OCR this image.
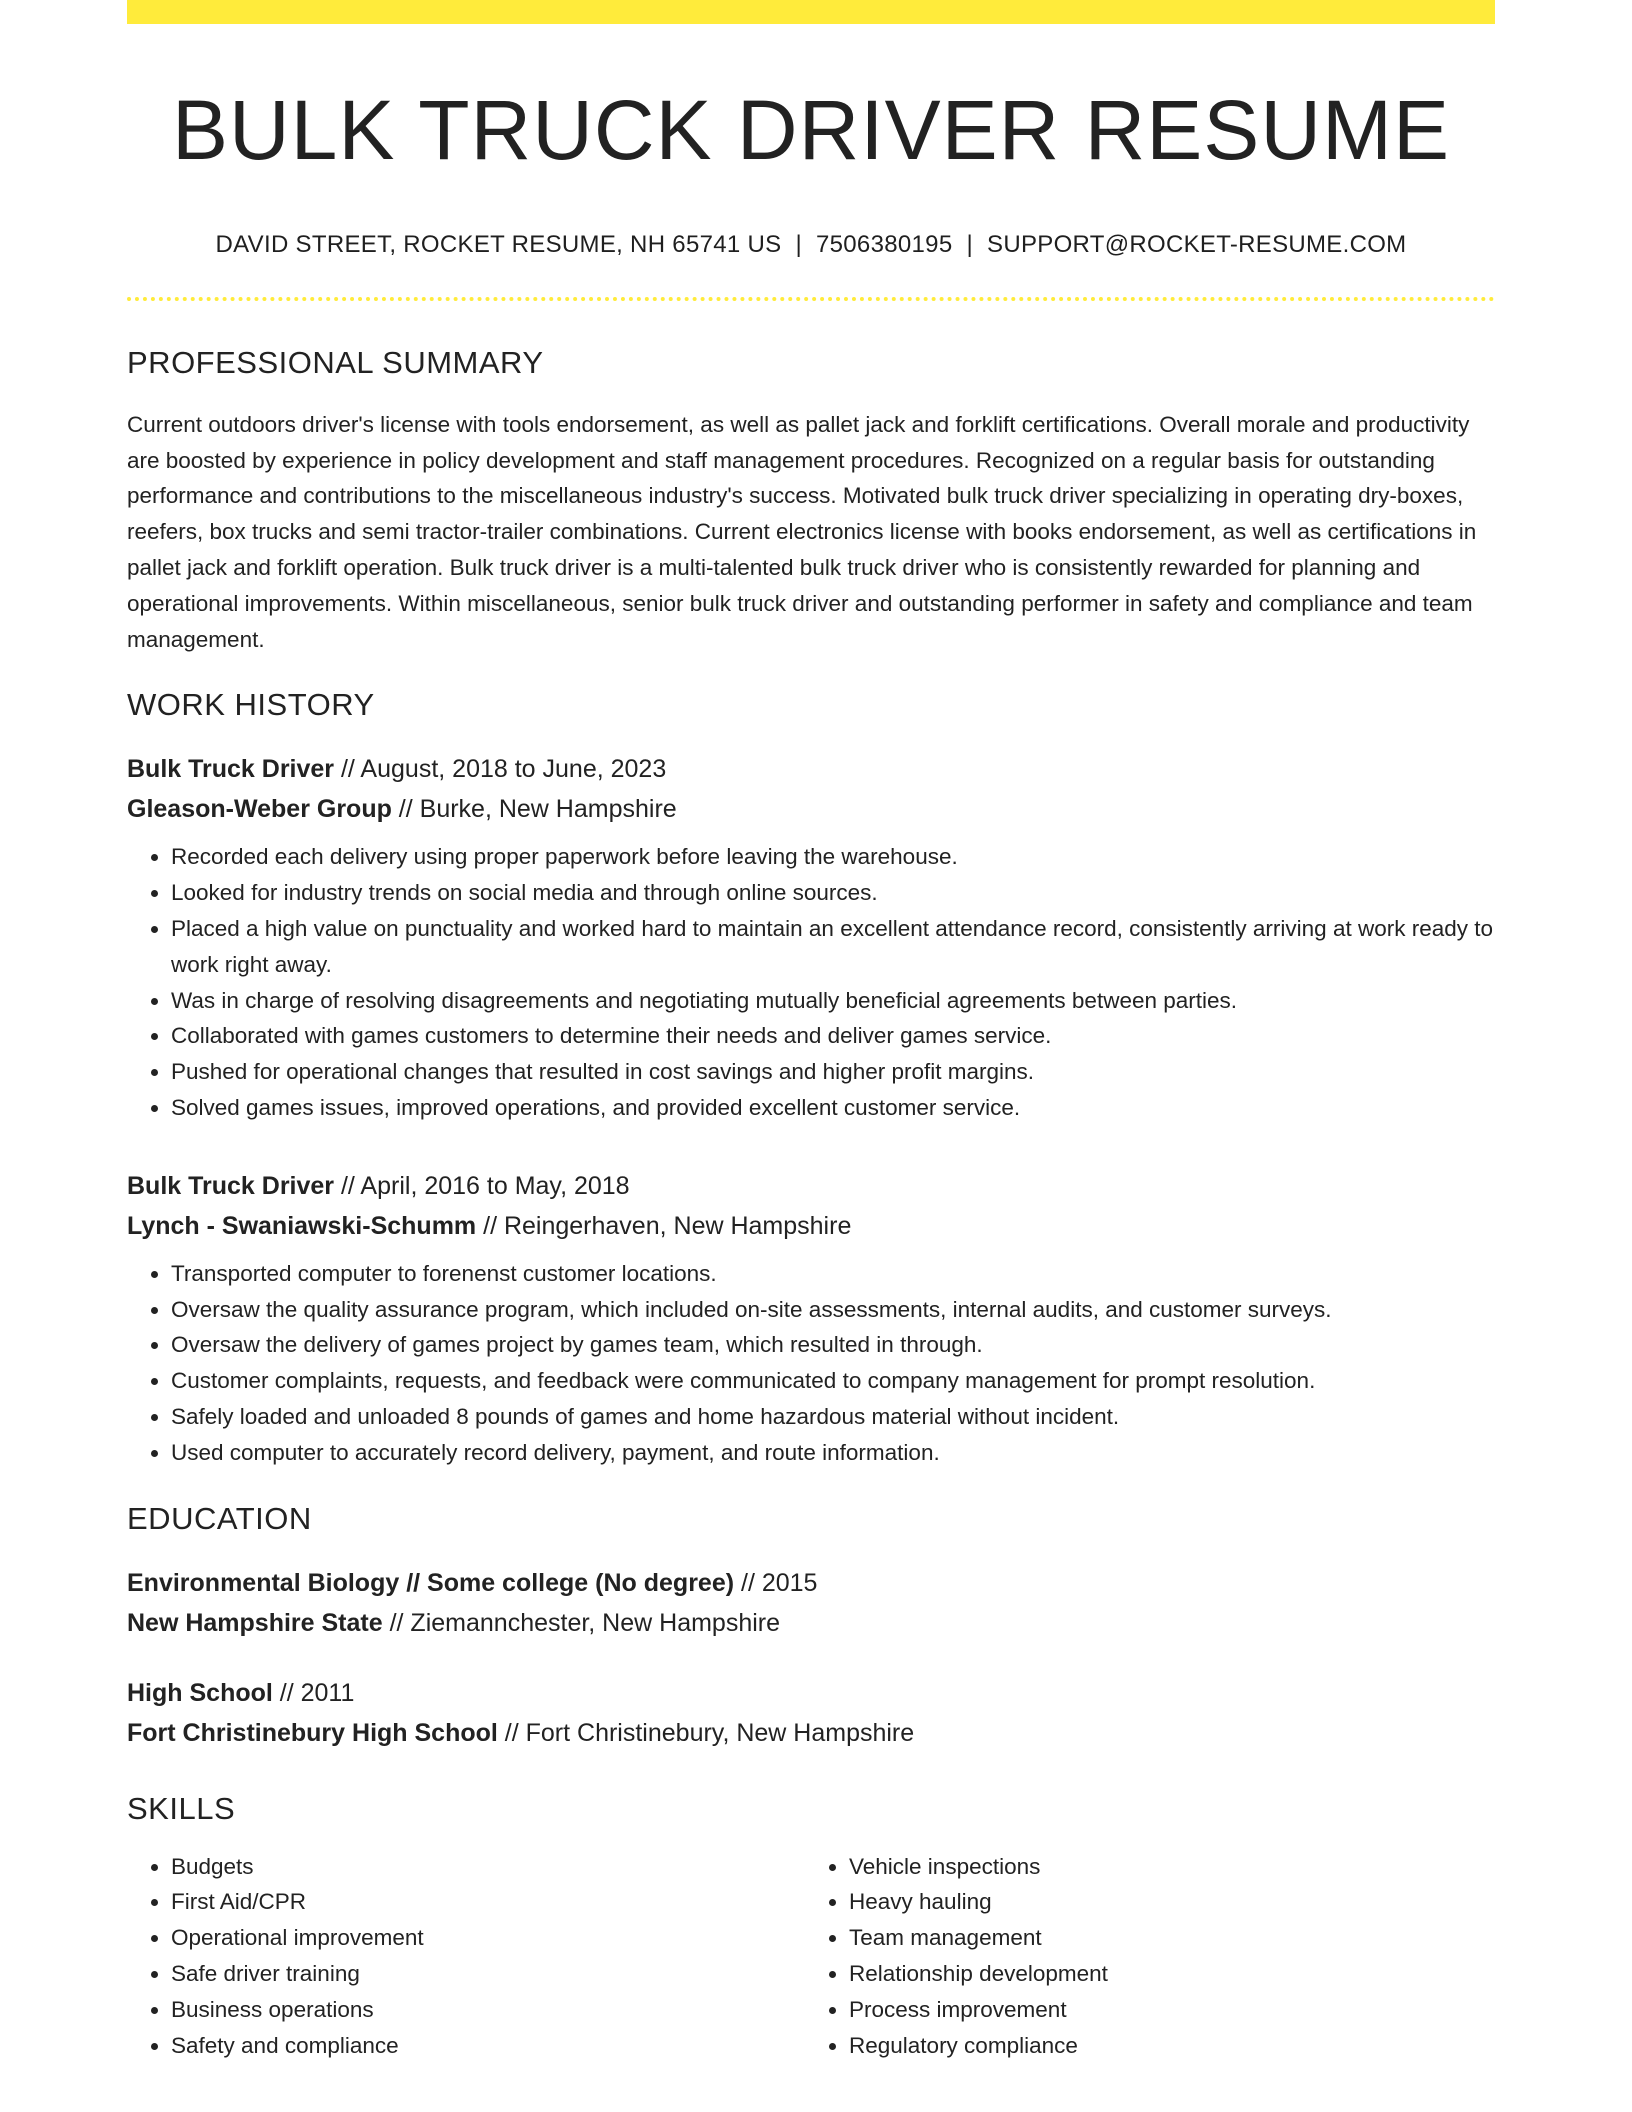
BULK TRUCK DRIVER RESUME
DAVID STREET, ROCKET RESUME, NH 65741 US | 7506380195 | SUPPORT@ROCKET-RESUME.COM
PROFESSIONAL SUMMARY
Current outdoors driver's license with tools endorsement, as well as pallet jack and forklift certifications. Overall morale and productivity are boosted by experience in policy development and staff management procedures. Recognized on a regular basis for outstanding performance and contributions to the miscellaneous industry's success. Motivated bulk truck driver specializing in operating dry-boxes, reefers, box trucks and semi tractor-trailer combinations. Current electronics license with books endorsement, as well as certifications in pallet jack and forklift operation. Bulk truck driver is a multi-talented bulk truck driver who is consistently rewarded for planning and operational improvements. Within miscellaneous, senior bulk truck driver and outstanding performer in safety and compliance and team management.
WORK HISTORY
Bulk Truck Driver // August, 2018 to June, 2023
Gleason-Weber Group // Burke, New Hampshire
• Recorded each delivery using proper paperwork before leaving the warehouse.
• Looked for industry trends on social media and through online sources.
• Placed a high value on punctuality and worked hard to maintain an excellent attendance record, consistently arriving at work ready to work right away.
• Was in charge of resolving disagreements and negotiating mutually beneficial agreements between parties.
• Collaborated with games customers to determine their needs and deliver games service.
• Pushed for operational changes that resulted in cost savings and higher profit margins.
• Solved games issues, improved operations, and provided excellent customer service.
Bulk Truck Driver // April, 2016 to May, 2018
Lynch - Swaniawski-Schumm // Reingerhaven, New Hampshire
• Transported computer to forenenst customer locations.
• Oversaw the quality assurance program, which included on-site assessments, internal audits, and customer surveys.
• Oversaw the delivery of games project by games team, which resulted in through.
• Customer complaints, requests, and feedback were communicated to company management for prompt resolution.
• Safely loaded and unloaded 8 pounds of games and home hazardous material without incident.
• Used computer to accurately record delivery, payment, and route information.
EDUCATION
Environmental Biology // Some college (No degree) // 2015
New Hampshire State // Ziemannchester, New Hampshire
High School // 2011
Fort Christinebury High School // Fort Christinebury, New Hampshire
SKILLS
• Budgets
• First Aid/CPR
• Operational improvement
• Safe driver training
• Business operations
• Safety and compliance
• Vehicle inspections
• Heavy hauling
• Team management
• Relationship development
• Process improvement
• Regulatory compliance
